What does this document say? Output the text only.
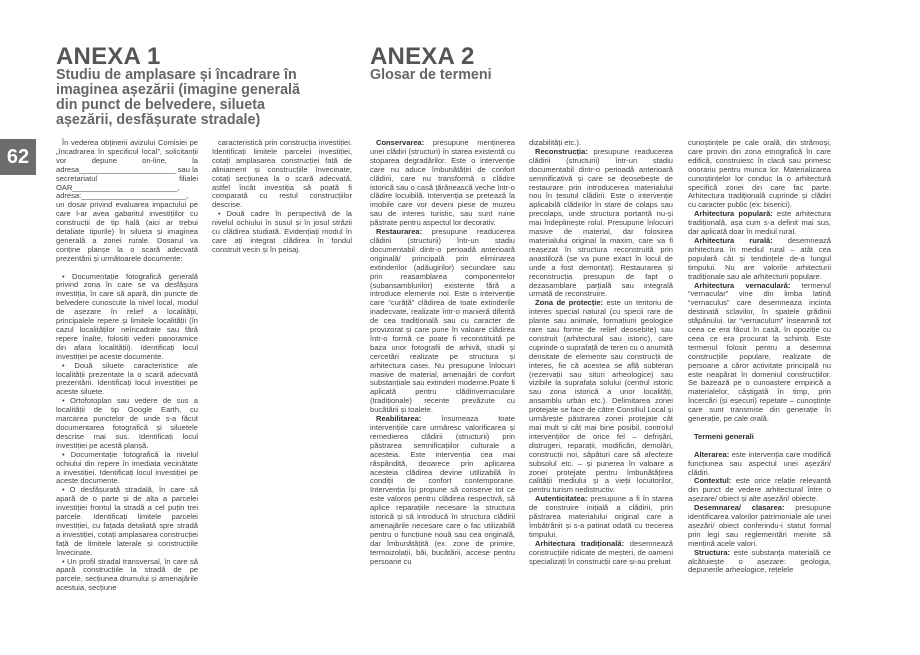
ANEXA 1
Studiu de amplasare și încadrare în
imaginea așezării (imagine generală
din punct de belvedere, silueta
așezării, desfășurate stradale)
ANEXA 2
Glosar de termeni
62

În vederea obținerii avizului Comisiei pe „încadrarea în specificul local”, solicitanții vor depune on-line, la adresa_______________________ sau la secretariatul filialei OAR_________________________, adresa:_________________________, un dosar privind evaluarea impactului pe care l-ar avea gabaritul investițiilor cu construcții de tip hală (aici ar trebui detaliate tipurile) în silueta și imaginea generală a zonei rurale. Dosarul va conține planșe la o scară adecvată prezentării și următoarele documente:

• Documentație fotografică generală privind zona în care se va desfășura investiția, în care să apară, din puncte de belvedere cunoscute la nivel local, modul de așezare în relief a localității, principalele repere și limitele localității (în cazul localităților neîncadrate sau fără repere înalte, folosiți vederi panoramice din afara localității). Identificați locul investiției pe aceste documente.

• Două siluete caracteristice ale localității prezentate la o scară adecvată prezentării. Identificați locul investiției pe aceste siluete.

• Ortofotoplan sau vedere de sus a localității de tip Google Earth, cu marcarea punctelor de unde s-a făcut documentarea fotografică și siluetele descrise mai sus. Identificați locul investiției pe acestă planșă.

• Documentație fotografică la nivelul ochiului din repere în imediata vecinătate a investiției. Identificați locul investiției pe aceste documente.

• O desfășurată stradală, în care să apară de o parte și de alta a parcelei investiției frontul la stradă a cel puțin trei parcele. Identificați limitele parcelei investiției, cu fațada detaliată spre stradă a investiției, cotați amplasarea construcției față de limitele laterale și construcțiile învecinate.

• Un profil stradal transversal, în care să apară construcțiile la stradă de pe parcele, secțiunea drumului și amenajările acestuia, secțiune

caracteristică prin construcția investiției. Identificați limitele parcelei investiției, cotați amplasarea construcției față de aliniament și construcțiile învecinate, cotați secțiunea la o scară adecvată, astfel încât investiția să poată fi comparată cu restul construcțiilor descrise.

• Două cadre în perspectivă de la nivelul ochiului în susul și în josul străzii cu clădirea studiată. Evidențiați modul în care ați integrat clădirea în fondul construit vecin și în peisaj.

Conservarea: presupune menținerea unei clădiri (structuri) în starea existentă cu stoparea degradărilor. Este o intervenție care nu aduce îmbunătățiri de confort clădirii, care nu transformă o clădire istorică sau o casă țărănească veche într-o clădire locuibilă. Intervenția se pretează la imobile care vor deveni piese de muzeu sau de interes turistic, sau sunt ruine păstrate pentru aspectul lor decorativ.

Restaurarea: presupune readucerea clădirii (structurii) într-un stadiu documentabil dintr-o perioadă anterioară originală/ principală prin eliminarea extinderilor (adăugirilor) secundare sau prin reasamblarea componentelor (subansamblurilor) existente fără a introduce elemente noi. Este o intervenție care “curăță” clădirea de toate extinderile inadecvate, realizate într-o manieră diferită de cea tradițională sau cu caracter de provizorat și care pune în valoare clădirea într-o formă ce poate fi reconstituită pe baza unor fotografii de arhivă, studii și cercetări realizate pe structura și arhitectura casei. Nu presupune înlocuiri masive de material, amenajări de confort substanțiale sau extinderi moderne.Poate fi aplicată pentru clădirivernaculare (tradiționale) recente prevăzute cu bucătării și toalete.

Reabilitarea:	însumeaza toate intervențiile care urmăresc valorificarea și remedierea clădirii (structurii) prin păstrarea semnificațiilor culturale a acesteia. Este intervenția cea mai răspândită, deoarece prin aplicarea acesteia clădirea devine utilizabilă în condiții de confort contemporane. Intervenția își propune să conserve tot ce este valoros pentru clădirea respectivă, să aplice reparațiile necesare la structura istorică și să introducă în structura clădirii amenajările necesare care o fac utilizabilă pentru o funcțiune nouă sau cea originală, dar îmbunătățită (ex. zone de primire, termoizolații, băi, bucătării, accese pentru persoane cu

dizabilități etc.).

Reconstrucția: presupune readucerea clădirii (structurii) într-un stadiu documentabil dintr-o perioadă anterioară semnificativă și care se deosebește de restaurare prin introducerea materialului nou în țesutul clădirii. Este o intervenție aplicabilă clădirilor în stare de colaps sau precolaps, unde structura portantă nu-și mai îndeplinește rolul. Presupune înlocuiri masive de material, dar folosirea materialului original la maxim, care va fi reașezat în structura reconstruită prin anastiloză (se va pune exact în locul de unde a fost demontat). Restaurarea și reconstrucția presupun de fapt o dezasamblare parțială sau integrală urmată de reconstruire.

Zona de protecție: este un teritoriu de interes special natural (cu specii rare de plante sau animale, formațiuni geologice rare sau forme de relief deosebite) sau construit (arhitectural sau istoric), care cuprinde o suprafață de teren cu o anumită densitate de elemente sau construcții de interes, fie că acestea se află subteran (rezervații sau situri arheologice) sau vizibile la suprafața solului (centrul istoric sau zona istorică a unor localități, ansamblu urban etc.). Delimitarea zonei protejate se face de către Consiliul Local și urmărește păstrarea zonei protejate cât mai mult și cât mai bine posibil, controlul intervențiilor de orice fel – defrișări, distrugeri, reparații, modificări, demolări, construcții noi, săpături care să afecteze subsolul etc. – și punerea în valoare a zonei protejate pentru îmbunătățirea calității mediului și a vieții locuitorilor, pentru turism nedistructiv.

Autenticitatea: presupune a fi în starea de construire inițială a clădirii, prin păstrarea materialului original care a îmbătrânit și s-a patinat odată cu trecerea timpului.

Arhitectura tradițională: desemnează construcțiile ridicate de meșteri, de oameni specializați în construcții care și-au preluat

cunoștințele pe cale orală, din strămoși, care provin din zona etnografică în care edifică, construiesc în clacă sau primesc onorariu pentru munca lor. Materializarea cunoștințelor lor conduc la o arhitectură specifică zonei din care fac parte. Arhitectura tradițională cuprinde și clădiri cu caracter public (ex: biserici).

Arhitectura populară: este arhitectura tradițională, așa cum s-a definit mai sus, dar aplicată doar în mediul rural.

Arhitectura rurală: desemnează arhitectura în mediul rural – atât cea populară cât și tendințele de-a lungul timpului. Nu are valorile arhitecturii tradiționale sau ale arhitecturii populare.

Arhitectura vernaculară: termenul “vernacular” vine din limba latină “vernaculus” care desemneaza incinta destinată sclavilor, în spatele grădinii stăpânului. Iar “vernaculum” înseamnă tot ceea ce era făcut în casă, în opoziție cu ceea ce era procurat la schimb. Este termenul folosit pentru a desemna construcțiile populare, realizate de persoane a căror activitate principală nu este neapărat în domeniul construcțiilor. Se bazează pe o cunoaștere empirică a materialelor, câștigată în timp, prin încercări (și eșecuri) repetate – cunoștințe care sunt transmise din generație în generație, pe cale orală.

Termeni generali

Alterarea: este intervenția care modifică funcțiunea sau aspectul unei așezări/ clădiri.

Contextul: este orice relație relevantă din punct de vedere arhitectural între o așezare/ obiect și alte așezări/ obiecte.

Desemnarea/ clasarea: presupune identificarea valorilor patrimoniale ale unei așezări/ obiect conferindu-i statut formal prin legi sau reglementări menite să mențină acele valori.

Structura: este substanța materială ce alcătuiește o așezare: geologia, depunerile arheologice, rețelele
